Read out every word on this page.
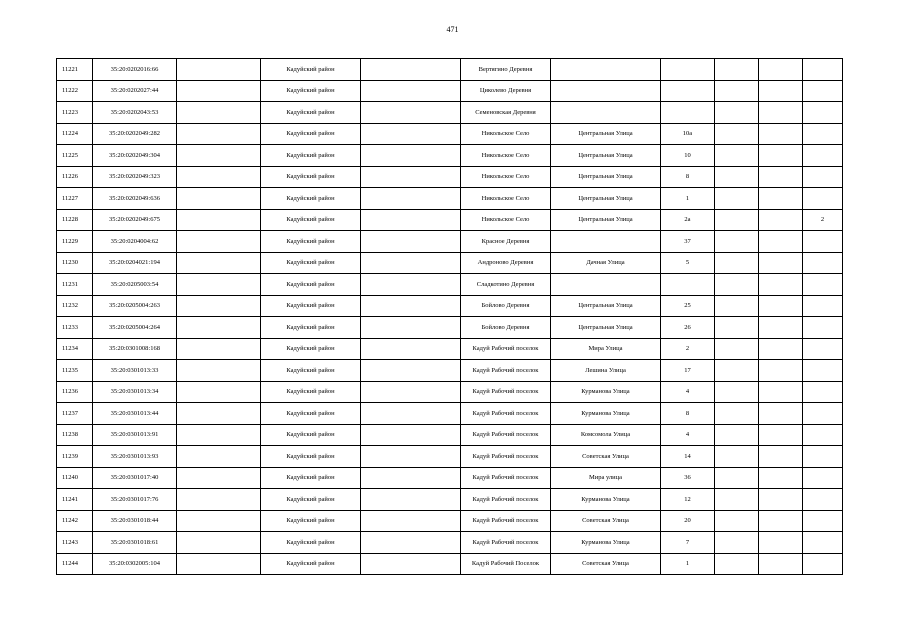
471
11221	35:20:0202016:66		Кадуйский район		Вертягино Деревня					
11222	35:20:0202027:44		Кадуйский район		Циколево Деревня					
11223	35:20:0202043:53		Кадуйский район		Семеновская Деревня					
11224	35:20:0202049:282		Кадуйский район		Никольское Село	Центральная Улица	10а			
11225	35:20:0202049:304		Кадуйский район		Никольское Село	Центральная Улица	10			
11226	35:20:0202049:323		Кадуйский район		Никольское Село	Центральная Улица	8			
11227	35:20:0202049:636		Кадуйский район		Никольское Село	Центральная Улица	1			
11228	35:20:0202049:675		Кадуйский район		Никольское Село	Центральная Улица	2а			2
11229	35:20:0204004:62		Кадуйский район		Красное Деревня		37			
11230	35:20:0204021:194		Кадуйский район		Андроново Деревня	Дачная Улица	5			
11231	35:20:0205003:54		Кадуйский район		Сладкотино Деревня					
11232	35:20:0205004:263		Кадуйский район		Бойлово Деревня	Центральная Улица	25			
11233	35:20:0205004:264		Кадуйский район		Бойлово Деревня	Центральная Улица	26			
11234	35:20:0301008:168		Кадуйский район		Кадуй Рабочий поселок	Мира Улица	2			
11235	35:20:0301013:33		Кадуйский район		Кадуй Рабочий поселок	Лешина Улица	17			
11236	35:20:0301013:34		Кадуйский район		Кадуй Рабочий поселок	Курманова Улица	4			
11237	35:20:0301013:44		Кадуйский район		Кадуй Рабочий поселок	Курманова Улица	8			
11238	35:20:0301013:91		Кадуйский район		Кадуй Рабочий поселок	Комсомола Улица	4			
11239	35:20:0301013:93		Кадуйский район		Кадуй Рабочий поселок	Советская Улица	14			
11240	35:20:0301017:40		Кадуйский район		Кадуй Рабочий поселок	Мира улица	36			
11241	35:20:0301017:76		Кадуйский район		Кадуй Рабочий поселок	Курманова Улица	12			
11242	35:20:0301018:44		Кадуйский район		Кадуй Рабочий поселок	Советская Улица	20			
11243	35:20:0301018:61		Кадуйский район		Кадуй Рабочий поселок	Курманова Улица	7			
11244	35:20:0302005:104		Кадуйский район		Кадуй Рабочий Поселок	Советская Улица	1			
